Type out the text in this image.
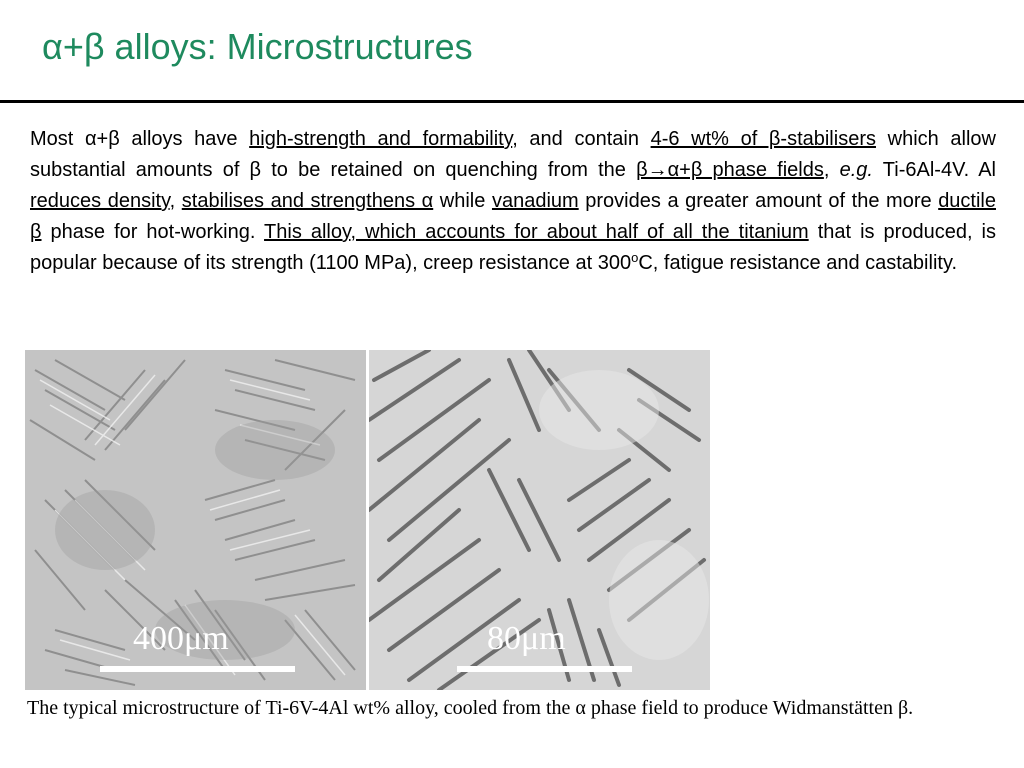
α+β alloys: Microstructures
Most α+β alloys have high-strength and formability, and contain 4-6 wt% of β-stabilisers which allow substantial amounts of β to be retained on quenching from the β→α+β phase fields, e.g. Ti-6Al-4V. Al reduces density, stabilises and strengthens α while vanadium provides a greater amount of the more ductile β phase for hot-working. This alloy, which accounts for about half of all the titanium that is produced, is popular because of its strength (1100 MPa), creep resistance at 300$^o$C, fatigue resistance and castability.
400μm	80μm
The typical microstructure of Ti-6V-4Al wt% alloy, cooled from the α phase field to produce Widmanstätten β.
